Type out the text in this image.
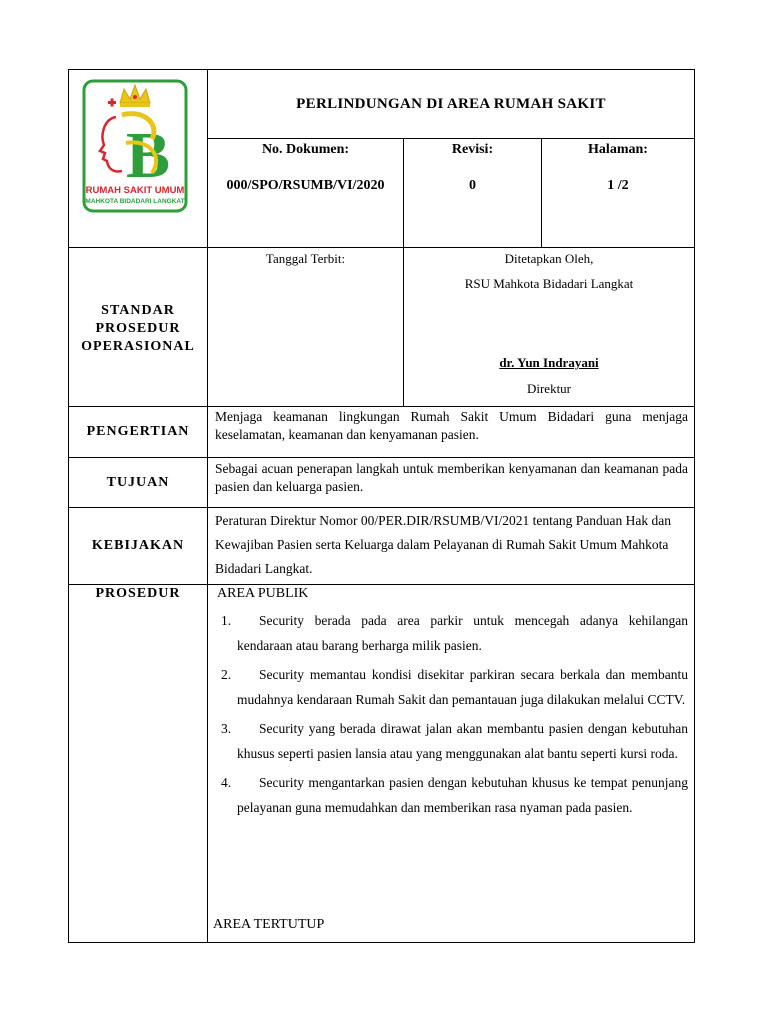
B
RUMAH SAKIT UMUM
MAHKOTA BIDADARI LANGKAT
PERLINDUNGAN DI AREA RUMAH SAKIT
No. Dokumen:
000/SPO/RSUMB/VI/2020
Revisi:
0
Halaman:
1 /2
STANDAR PROSEDUR OPERASIONAL
Tanggal Terbit:	Ditetapkan Oleh,
RSU Mahkota Bidadari Langkat
dr. Yun Indrayani
Direktur
PENGERTIAN
Menjaga keamanan lingkungan Rumah Sakit Umum Bidadari guna menjaga keselamatan, keamanan dan kenyamanan pasien.
TUJUAN
Sebagai acuan penerapan langkah untuk memberikan kenyamanan dan keamanan pada pasien dan keluarga pasien.
KEBIJAKAN
Peraturan Direktur Nomor 00/PER.DIR/RSUMB/VI/2021 tentang Panduan Hak dan Kewajiban Pasien serta Keluarga dalam Pelayanan di Rumah Sakit Umum Mahkota Bidadari Langkat.
PROSEDUR	AREA PUBLIK
1.	Security berada pada area parkir untuk mencegah adanya kehilangan kendaraan atau barang berharga milik pasien.
2.	Security memantau kondisi disekitar parkiran secara berkala dan membantu mudahnya kendaraan Rumah Sakit dan pemantauan juga dilakukan melalui CCTV.
3.	Security yang berada dirawat jalan akan membantu pasien dengan kebutuhan khusus seperti pasien lansia atau yang menggunakan alat bantu seperti kursi roda.
4.	Security mengantarkan pasien dengan kebutuhan khusus ke tempat penunjang pelayanan guna memudahkan dan memberikan rasa nyaman pada pasien.
AREA TERTUTUP
